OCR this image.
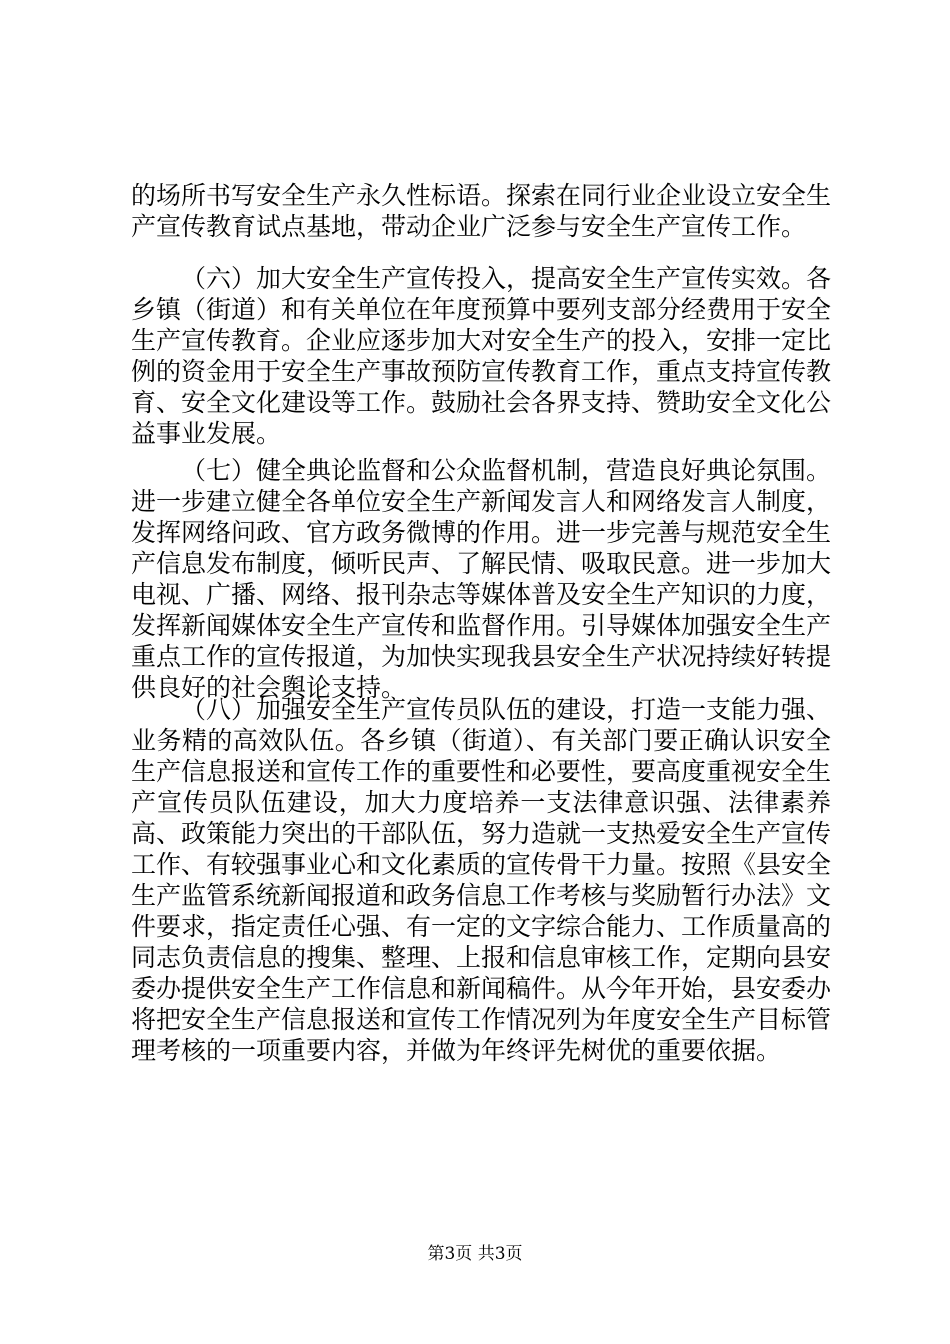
的场所书写安全生产永久性标语。探索在同行业企业设立安全生产宣传教育试点基地，带动企业广泛参与安全生产宣传工作。

（六）加大安全生产宣传投入，提高安全生产宣传实效。各乡镇（街道）和有关单位在年度预算中要列支部分经费用于安全生产宣传教育。企业应逐步加大对安全生产的投入，安排一定比例的资金用于安全生产事故预防宣传教育工作，重点支持宣传教育、安全文化建设等工作。鼓励社会各界支持、赞助安全文化公益事业发展。

（七）健全典论监督和公众监督机制，营造良好典论氛围。进一步建立健全各单位安全生产新闻发言人和网络发言人制度，发挥网络问政、官方政务微博的作用。进一步完善与规范安全生产信息发布制度，倾听民声、了解民情、吸取民意。进一步加大电视、广播、网络、报刊杂志等媒体普及安全生产知识的力度，发挥新闻媒体安全生产宣传和监督作用。引导媒体加强安全生产重点工作的宣传报道，为加快实现我县安全生产状况持续好转提供良好的社会舆论支持。

（八）加强安全生产宣传员队伍的建设，打造一支能力强、业务精的高效队伍。各乡镇（街道）、有关部门要正确认识安全生产信息报送和宣传工作的重要性和必要性，要高度重视安全生产宣传员队伍建设，加大力度培养一支法律意识强、法律素养高、政策能力突出的干部队伍，努力造就一支热爱安全生产宣传工作、有较强事业心和文化素质的宣传骨干力量。按照《县安全生产监管系统新闻报道和政务信息工作考核与奖励暂行办法》文件要求，指定责任心强、有一定的文字综合能力、工作质量高的同志负责信息的搜集、整理、上报和信息审核工作，定期向县安委办提供安全生产工作信息和新闻稿件。从今年开始，县安委办将把安全生产信息报送和宣传工作情况列为年度安全生产目标管理考核的一项重要内容，并做为年终评先树优的重要依据。

第3页 共3页
